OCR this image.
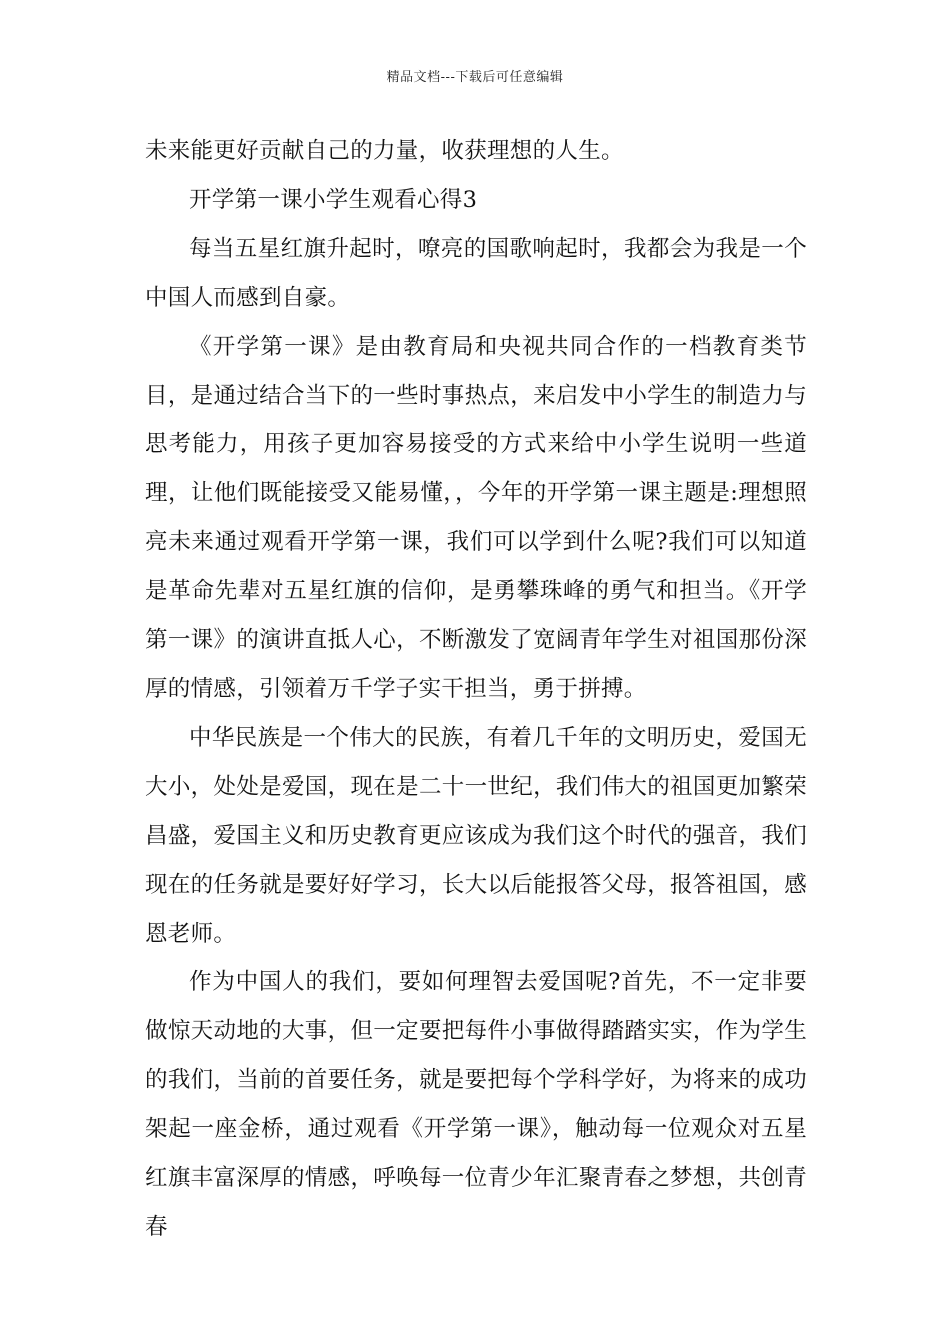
精品文档---下载后可任意编辑

未来能更好贡献自己的力量，收获理想的人生。

开学第一课小学生观看心得3

每当五星红旗升起时，嘹亮的国歌响起时，我都会为我是一个中国人而感到自豪。

《开学第一课》是由教育局和央视共同合作的一档教育类节目，是通过结合当下的一些时事热点，来启发中小学生的制造力与思考能力，用孩子更加容易接受的方式来给中小学生说明一些道理，让他们既能接受又能易懂，，今年的开学第一课主题是:理想照亮未来通过观看开学第一课，我们可以学到什么呢?我们可以知道是革命先辈对五星红旗的信仰，是勇攀珠峰的勇气和担当。《开学第一课》的演讲直抵人心，不断激发了宽阔青年学生对祖国那份深厚的情感，引领着万千学子实干担当，勇于拼搏。

中华民族是一个伟大的民族，有着几千年的文明历史，爱国无大小，处处是爱国，现在是二十一世纪，我们伟大的祖国更加繁荣昌盛，爱国主义和历史教育更应该成为我们这个时代的强音，我们现在的任务就是要好好学习，长大以后能报答父母，报答祖国，感恩老师。

作为中国人的我们，要如何理智去爱国呢?首先，不一定非要做惊天动地的大事，但一定要把每件小事做得踏踏实实，作为学生的我们，当前的首要任务，就是要把每个学科学好，为将来的成功架起一座金桥，通过观看《开学第一课》，触动每一位观众对五星红旗丰富深厚的情感，呼唤每一位青少年汇聚青春之梦想，共创青春
